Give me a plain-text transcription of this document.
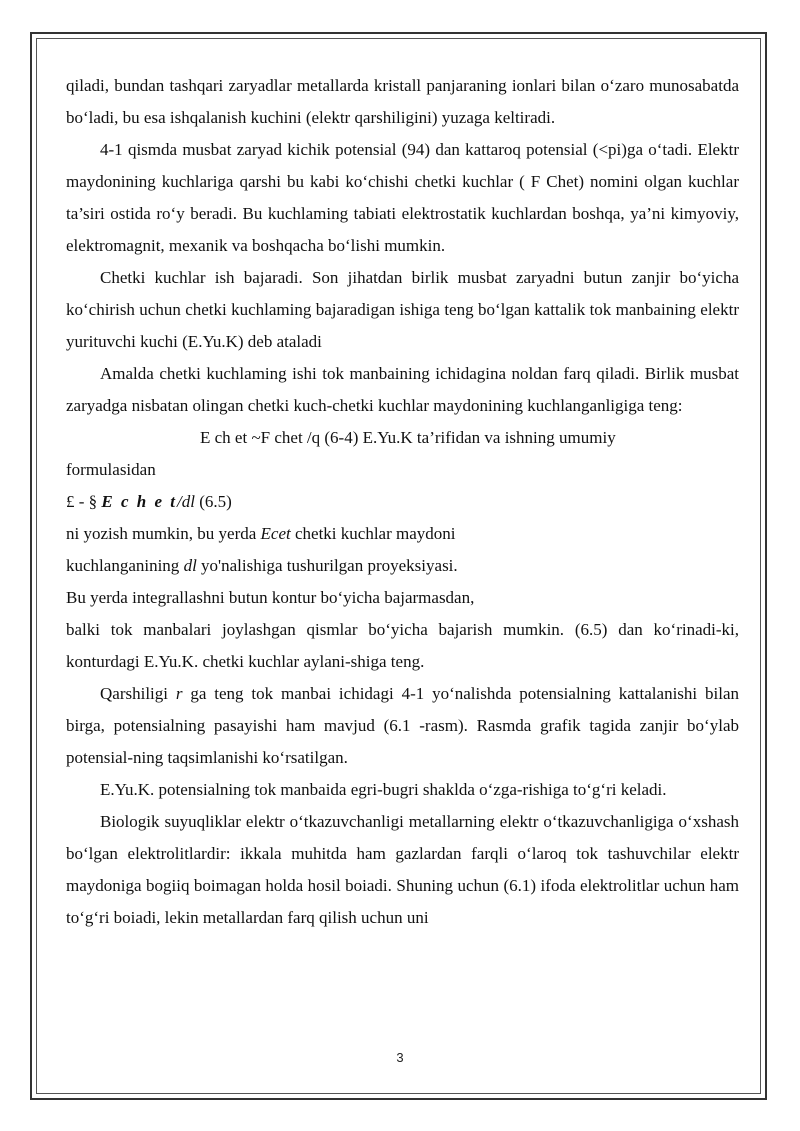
qiladi, bundan tashqari zaryadlar metallarda kristall panjaraning ionlari bilan o‘zaro munosabatda bo‘ladi, bu esa ishqalanish kuchini (elektr qarshiligini) yuzaga keltiradi.

4-1 qismda musbat zaryad kichik potensial (94) dan kattaroq potensial (<pi)ga o‘tadi. Elektr maydonining kuchlariga qarshi bu kabi ko‘chishi chetki kuchlar ( F Chet) nomini olgan kuchlar ta’siri ostida ro‘y beradi. Bu kuchlaming tabiati elektrostatik kuchlardan boshqa, ya’ni kimyoviy, elektromagnit, mexanik va boshqacha bo‘lishi mumkin.

Chetki kuchlar ish bajaradi. Son jihatdan birlik musbat zaryadni butun zanjir bo‘yicha ko‘chirish uchun chetki kuchlaming bajaradigan ishiga teng bo‘lgan kattalik tok manbaining elektr yurituvchi kuchi (E.Yu.K) deb ataladi

Amalda chetki kuchlaming ishi tok manbaining ichidagina noldan farq qiladi. Birlik musbat zaryadga nisbatan olingan chetki kuch-chetki kuchlar maydonining kuchlanganligiga teng:

E ch et ~F chet /q (6-4) E.Yu.K ta’rifidan va ishning umumiy

formulasidan

£ - § E c h e t/dl (6.5)

ni yozish mumkin, bu yerda Ecet chetki kuchlar maydoni

kuchlanganining dl yo'nalishiga tushurilgan proyeksiyasi.

Bu yerda integrallashni butun kontur bo‘yicha bajarmasdan,

balki tok manbalari joylashgan qismlar bo‘yicha bajarish mumkin. (6.5) dan ko‘rinadi-ki, konturdagi E.Yu.K. chetki kuchlar aylani-shiga teng.

Qarshiligi r ga teng tok manbai ichidagi 4-1 yo‘nalishda potensialning kattalanishi bilan birga, potensialning pasayishi ham mavjud (6.1 -rasm). Rasmda grafik tagida zanjir bo‘ylab potensial-ning taqsimlanishi ko‘rsatilgan.

E.Yu.K. potensialning tok manbaida egri-bugri shaklda o‘zga-rishiga to‘g‘ri keladi.

Biologik suyuqliklar elektr o‘tkazuvchanligi metallarning elektr o‘tkazuvchanligiga o‘xshash bo‘lgan elektrolitlardir: ikkala muhitda ham gazlardan farqli o‘laroq tok tashuvchilar elektr maydoniga bogiiq boimagan holda hosil boiadi. Shuning uchun (6.1) ifoda elektrolitlar uchun ham to‘g‘ri boiadi, lekin metallardan farq qilish uchun uni

3
